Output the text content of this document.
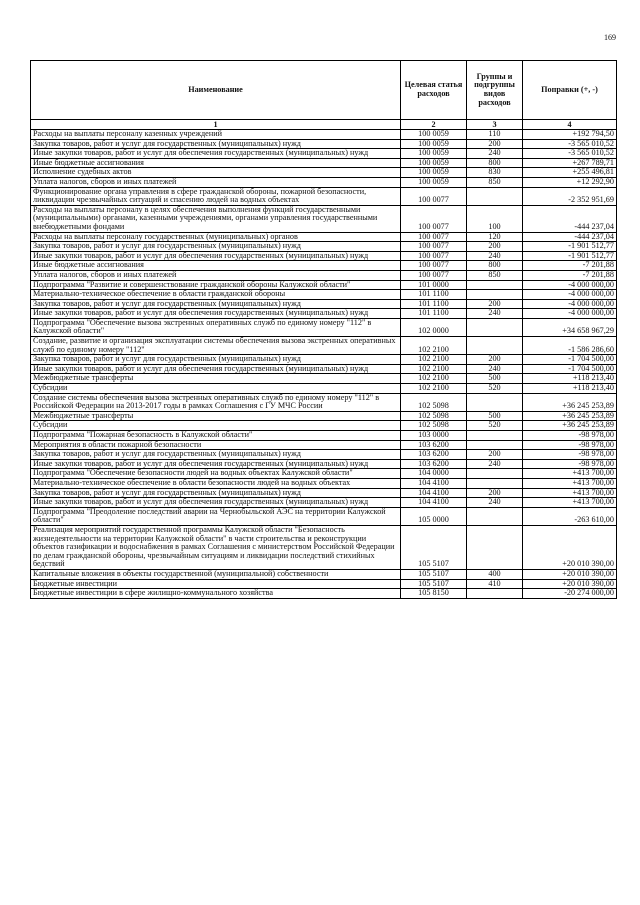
169
Наименование	Целевая статья расходов	Группы и подгруппы видов расходов	Поправки (+, -)
1	2	3	4
Расходы на выплаты персоналу казенных учреждений	100 0059	110	+192 794,50
Закупка товаров, работ и услуг для государственных (муниципальных) нужд	100 0059	200	-3 565 010,52
Иные закупки товаров, работ и услуг для обеспечения государственных (муниципальных) нужд	100 0059	240	-3 565 010,52
Иные бюджетные ассигнования	100 0059	800	+267 789,71
Исполнение судебных актов	100 0059	830	+255 496,81
Уплата налогов, сборов и иных платежей	100 0059	850	+12 292,90
Функционирование органа управления в сфере гражданской обороны, пожарной безопасности, ликвидации чрезвычайных ситуаций и спасению людей на водных объектах	100 0077		-2 352 951,69
Расходы на выплаты персоналу в целях обеспечения выполнения функций государственными (муниципальными) органами, казенными учреждениями, органами управления государственными внебюджетными фондами	100 0077	100	-444 237,04
Расходы на выплаты персоналу государственных (муниципальных) органов	100 0077	120	-444 237,04
Закупка товаров, работ и услуг для государственных (муниципальных) нужд	100 0077	200	-1 901 512,77
Иные закупки товаров, работ и услуг для обеспечения государственных (муниципальных) нужд	100 0077	240	-1 901 512,77
Иные бюджетные ассигнования	100 0077	800	-7 201,88
Уплата налогов, сборов и иных платежей	100 0077	850	-7 201,88
Подпрограмма "Развитие и совершенствование гражданской обороны Калужской области"	101 0000		-4 000 000,00
Материально-техническое обеспечение в области гражданской обороны	101 1100		-4 000 000,00
Закупка товаров, работ и услуг для государственных (муниципальных) нужд	101 1100	200	-4 000 000,00
Иные закупки товаров, работ и услуг для обеспечения государственных (муниципальных) нужд	101 1100	240	-4 000 000,00
Подпрограмма "Обеспечение вызова экстренных оперативных служб по единому номеру "112" в Калужской области"	102 0000		+34 658 967,29
Создание, развитие и организация эксплуатации системы обеспечения вызова экстренных оперативных служб по единому номеру "112"	102 2100		-1 586 286,60
Закупка товаров, работ и услуг для государственных (муниципальных) нужд	102 2100	200	-1 704 500,00
Иные закупки товаров, работ и услуг для обеспечения государственных (муниципальных) нужд	102 2100	240	-1 704 500,00
Межбюджетные трансферты	102 2100	500	+118 213,40
Субсидии	102 2100	520	+118 213,40
Создание системы обеспечения вызова экстренных оперативных служб по единому номеру "112" в Российской Федерации на 2013-2017 годы в рамках Соглашения с ГУ МЧС России	102 5098		+36 245 253,89
Межбюджетные трансферты	102 5098	500	+36 245 253,89
Субсидии	102 5098	520	+36 245 253,89
Подпрограмма "Пожарная безопасность в Калужской области"	103 0000		-98 978,00
Мероприятия в области пожарной безопасности	103 6200		-98 978,00
Закупка товаров, работ и услуг для государственных (муниципальных) нужд	103 6200	200	-98 978,00
Иные закупки товаров, работ и услуг для обеспечения государственных (муниципальных) нужд	103 6200	240	-98 978,00
Подпрограмма "Обеспечение безопасности людей на водных объектах Калужской области"	104 0000		+413 700,00
Материально-техническое обеспечение в области безопасности людей на водных объектах	104 4100		+413 700,00
Закупка товаров, работ и услуг для государственных (муниципальных) нужд	104 4100	200	+413 700,00
Иные закупки товаров, работ и услуг для обеспечения государственных (муниципальных) нужд	104 4100	240	+413 700,00
Подпрограмма "Преодоление последствий аварии на Чернобыльской АЭС на территории Калужской области"	105 0000		-263 610,00
Реализация мероприятий государственной программы Калужской области "Безопасность жизнедеятельности на территории Калужской области" в части строительства и реконструкции объектов газификации и водоснабжения в рамках Соглашения с министерством Российской Федерации по делам гражданской обороны, чрезвычайным ситуациям и ликвидации последствий стихийных бедствий	105 5107		+20 010 390,00
Капитальные вложения в объекты государственной (муниципальной) собственности	105 5107	400	+20 010 390,00
Бюджетные инвестиции	105 5107	410	+20 010 390,00
Бюджетные инвестиции в сфере жилищно-коммунального хозяйства	105 8150		-20 274 000,00
